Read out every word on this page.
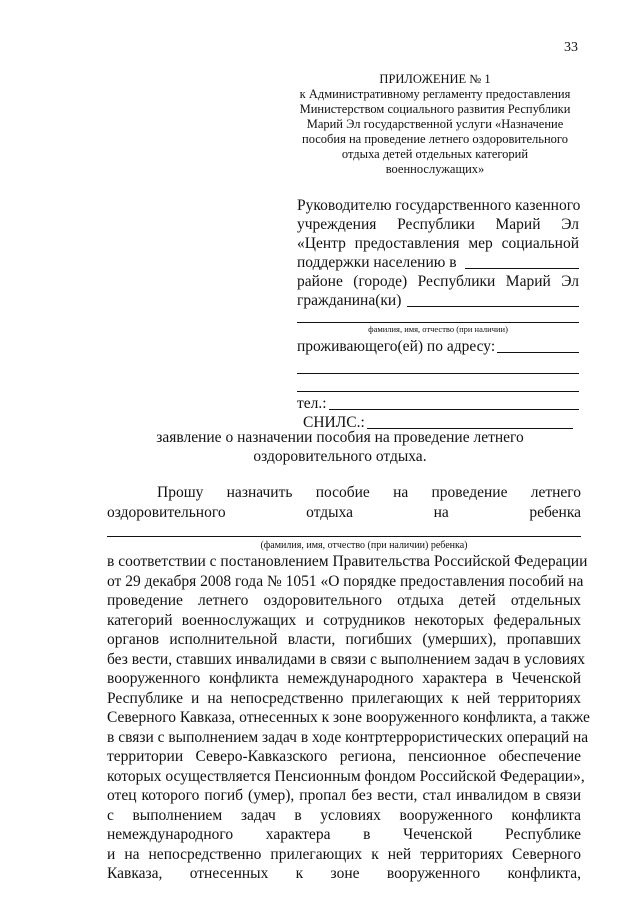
33
ПРИЛОЖЕНИЕ № 1
к Административному регламенту предоставления
Министерством социального развития Республики
Марий Эл государственной услуги «Назначение
пособия на проведение летнего оздоровительного
отдыха детей отдельных категорий
военнослужащих»
Руководителю государственного казенного
учреждения Республики Марий Эл
«Центр предоставления мер социальной
поддержки населению в
районе (городе) Республики Марий Эл
гражданина(ки)
фамилия, имя, отчество (при наличии)
проживающего(ей) по адресу:
тел.:
СНИЛС.:
заявление о назначении пособия на проведение летнего
оздоровительного отдыха.
Прошу назначить пособие на проведение летнего
оздоровительного отдыха на ребенка
(фамилия, имя, отчество (при наличии) ребенка)
в соответствии с постановлением Правительства Российской Федерации
от 29 декабря 2008 года № 1051 «О порядке предоставления пособий на
проведение летнего оздоровительного отдыха детей отдельных
категорий военнослужащих и сотрудников некоторых федеральных
органов исполнительной власти, погибших (умерших), пропавших
без вести, ставших инвалидами в связи с выполнением задач в условиях
вооруженного конфликта немеждународного характера в Чеченской
Республике и на непосредственно прилегающих к ней территориях
Северного Кавказа, отнесенных к зоне вооруженного конфликта, а также
в связи с выполнением задач в ходе контртеррористических операций на
территории Северо-Кавказского региона, пенсионное обеспечение
которых осуществляется Пенсионным фондом Российской Федерации»,
отец которого погиб (умер), пропал без вести, стал инвалидом в связи
с выполнением задач в условиях вооруженного конфликта
немеждународного характера в Чеченской Республике
и на непосредственно прилегающих к ней территориях Северного
Кавказа, отнесенных к зоне вооруженного конфликта,
